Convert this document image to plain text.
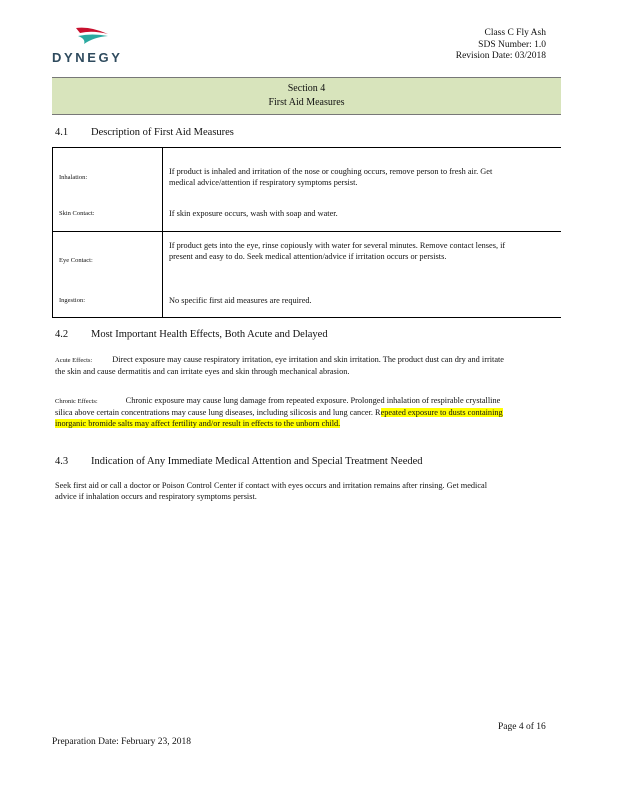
DYNEGY
Class C Fly Ash
SDS Number: 1.0
Revision Date: 03/2018
Section 4
First Aid Measures
4.1 Description of First Aid Measures
Inhalation:
If product is inhaled and irritation of the nose or coughing occurs, remove person to fresh air. Get medical advice/attention if respiratory symptoms persist.
Skin Contact:	If skin exposure occurs, wash with soap and water.
Eye Contact:
If product gets into the eye, rinse copiously with water for several minutes. Remove contact lenses, if present and easy to do. Seek medical attention/advice if irritation occurs or persists.
Ingestion:	No specific first aid measures are required.
4.2 Most Important Health Effects, Both Acute and Delayed
Acute Effects: Direct exposure may cause respiratory irritation, eye irritation and skin irritation. The product dust can dry and irritate the skin and cause dermatitis and can irritate eyes and skin through mechanical abrasion.
Chronic Effects:	Chronic exposure may cause lung damage from repeated exposure. Prolonged inhalation of respirable crystalline silica above certain concentrations may cause lung diseases, including silicosis and lung cancer. Repeated exposure to dusts containing inorganic bromide salts may affect fertility and/or result in effects to the unborn child.
4.3 Indication of Any Immediate Medical Attention and Special Treatment Needed
Seek first aid or call a doctor or Poison Control Center if contact with eyes occurs and irritation remains after rinsing. Get medical advice if inhalation occurs and respiratory symptoms persist.
Page 4 of 16
Preparation Date: February 23, 2018
